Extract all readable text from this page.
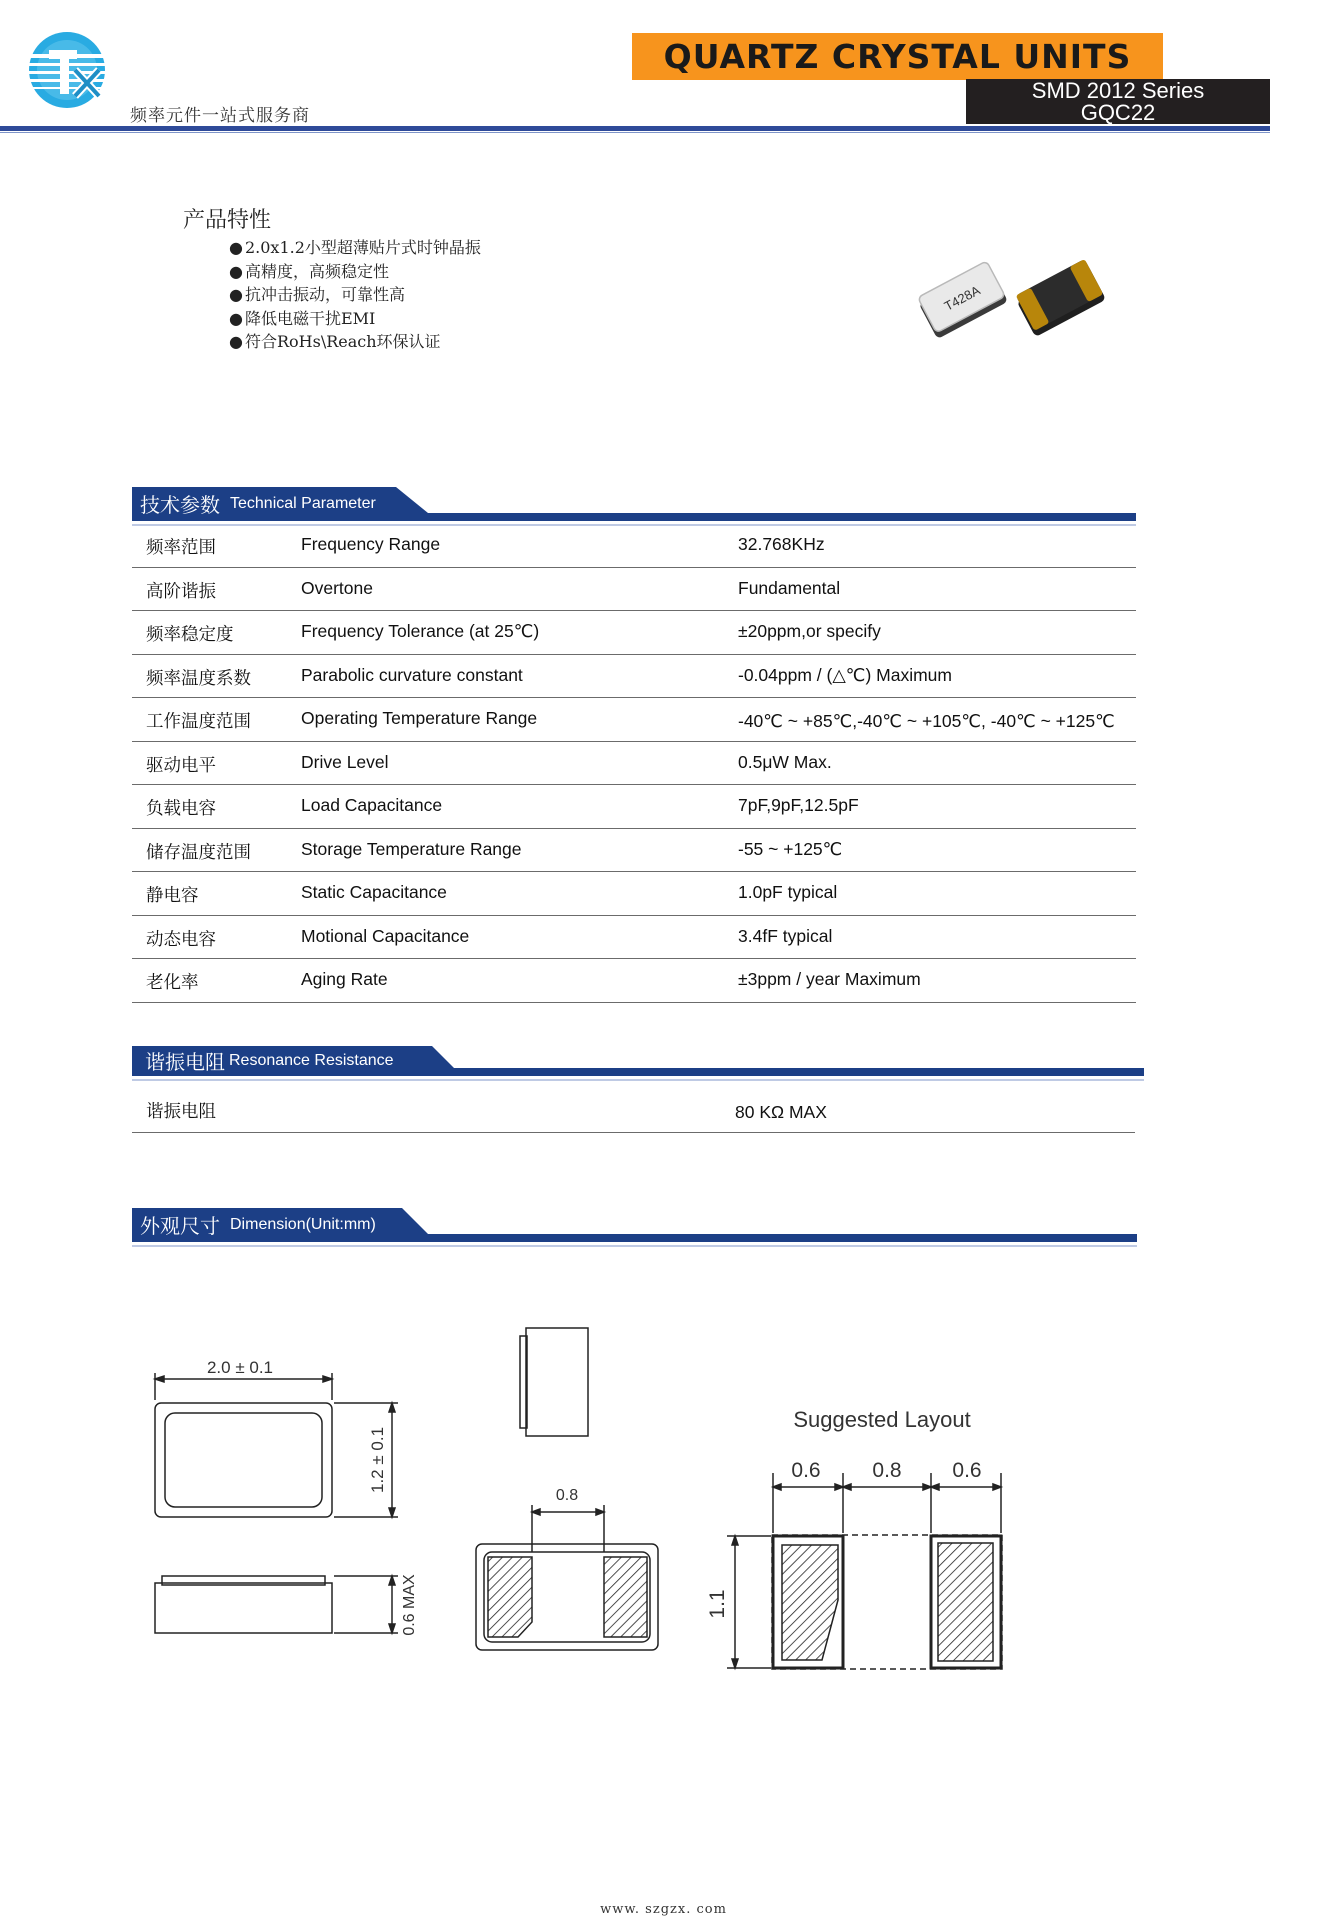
频率元件一站式服务商
QUARTZ CRYSTAL UNITS
SMD 2012 Series
GQC22
产品特性
● 2.0x1.2小型超薄贴片式时钟晶振
● 高精度，高频稳定性
● 抗冲击振动，可靠性高
● 降低电磁干扰EMI
● 符合RoHs\Reach环保认证
T428A
技术参数 Technical Parameter
频率范围	Frequency Range	32.768KHz
高阶谐振	Overtone	Fundamental
频率稳定度	Frequency Tolerance (at 25℃)	±20ppm,or specify
频率温度系数	Parabolic curvature constant	-0.04ppm / (△℃) Maximum
工作温度范围	Operating Temperature Range	-40℃ ~ +85℃,-40℃ ~ +105℃, -40℃ ~ +125℃
驱动电平	Drive Level	0.5μW Max.
负载电容	Load Capacitance	7pF,9pF,12.5pF
储存温度范围	Storage Temperature Range	-55 ~ +125℃
静电容	Static Capacitance	1.0pF typical
动态电容	Motional Capacitance	3.4fF typical
老化率	Aging Rate	±3ppm / year Maximum
谐振电阻 Resonance Resistance
谐振电阻	80 KΩ MAX
外观尺寸 Dimension(Unit:mm)
2.0 ± 0.1
1.2 ± 0.1
0.6 MAX
0.8
Suggested Layout
0.6 0.8 0.6
1.1
www. szgzx. com
